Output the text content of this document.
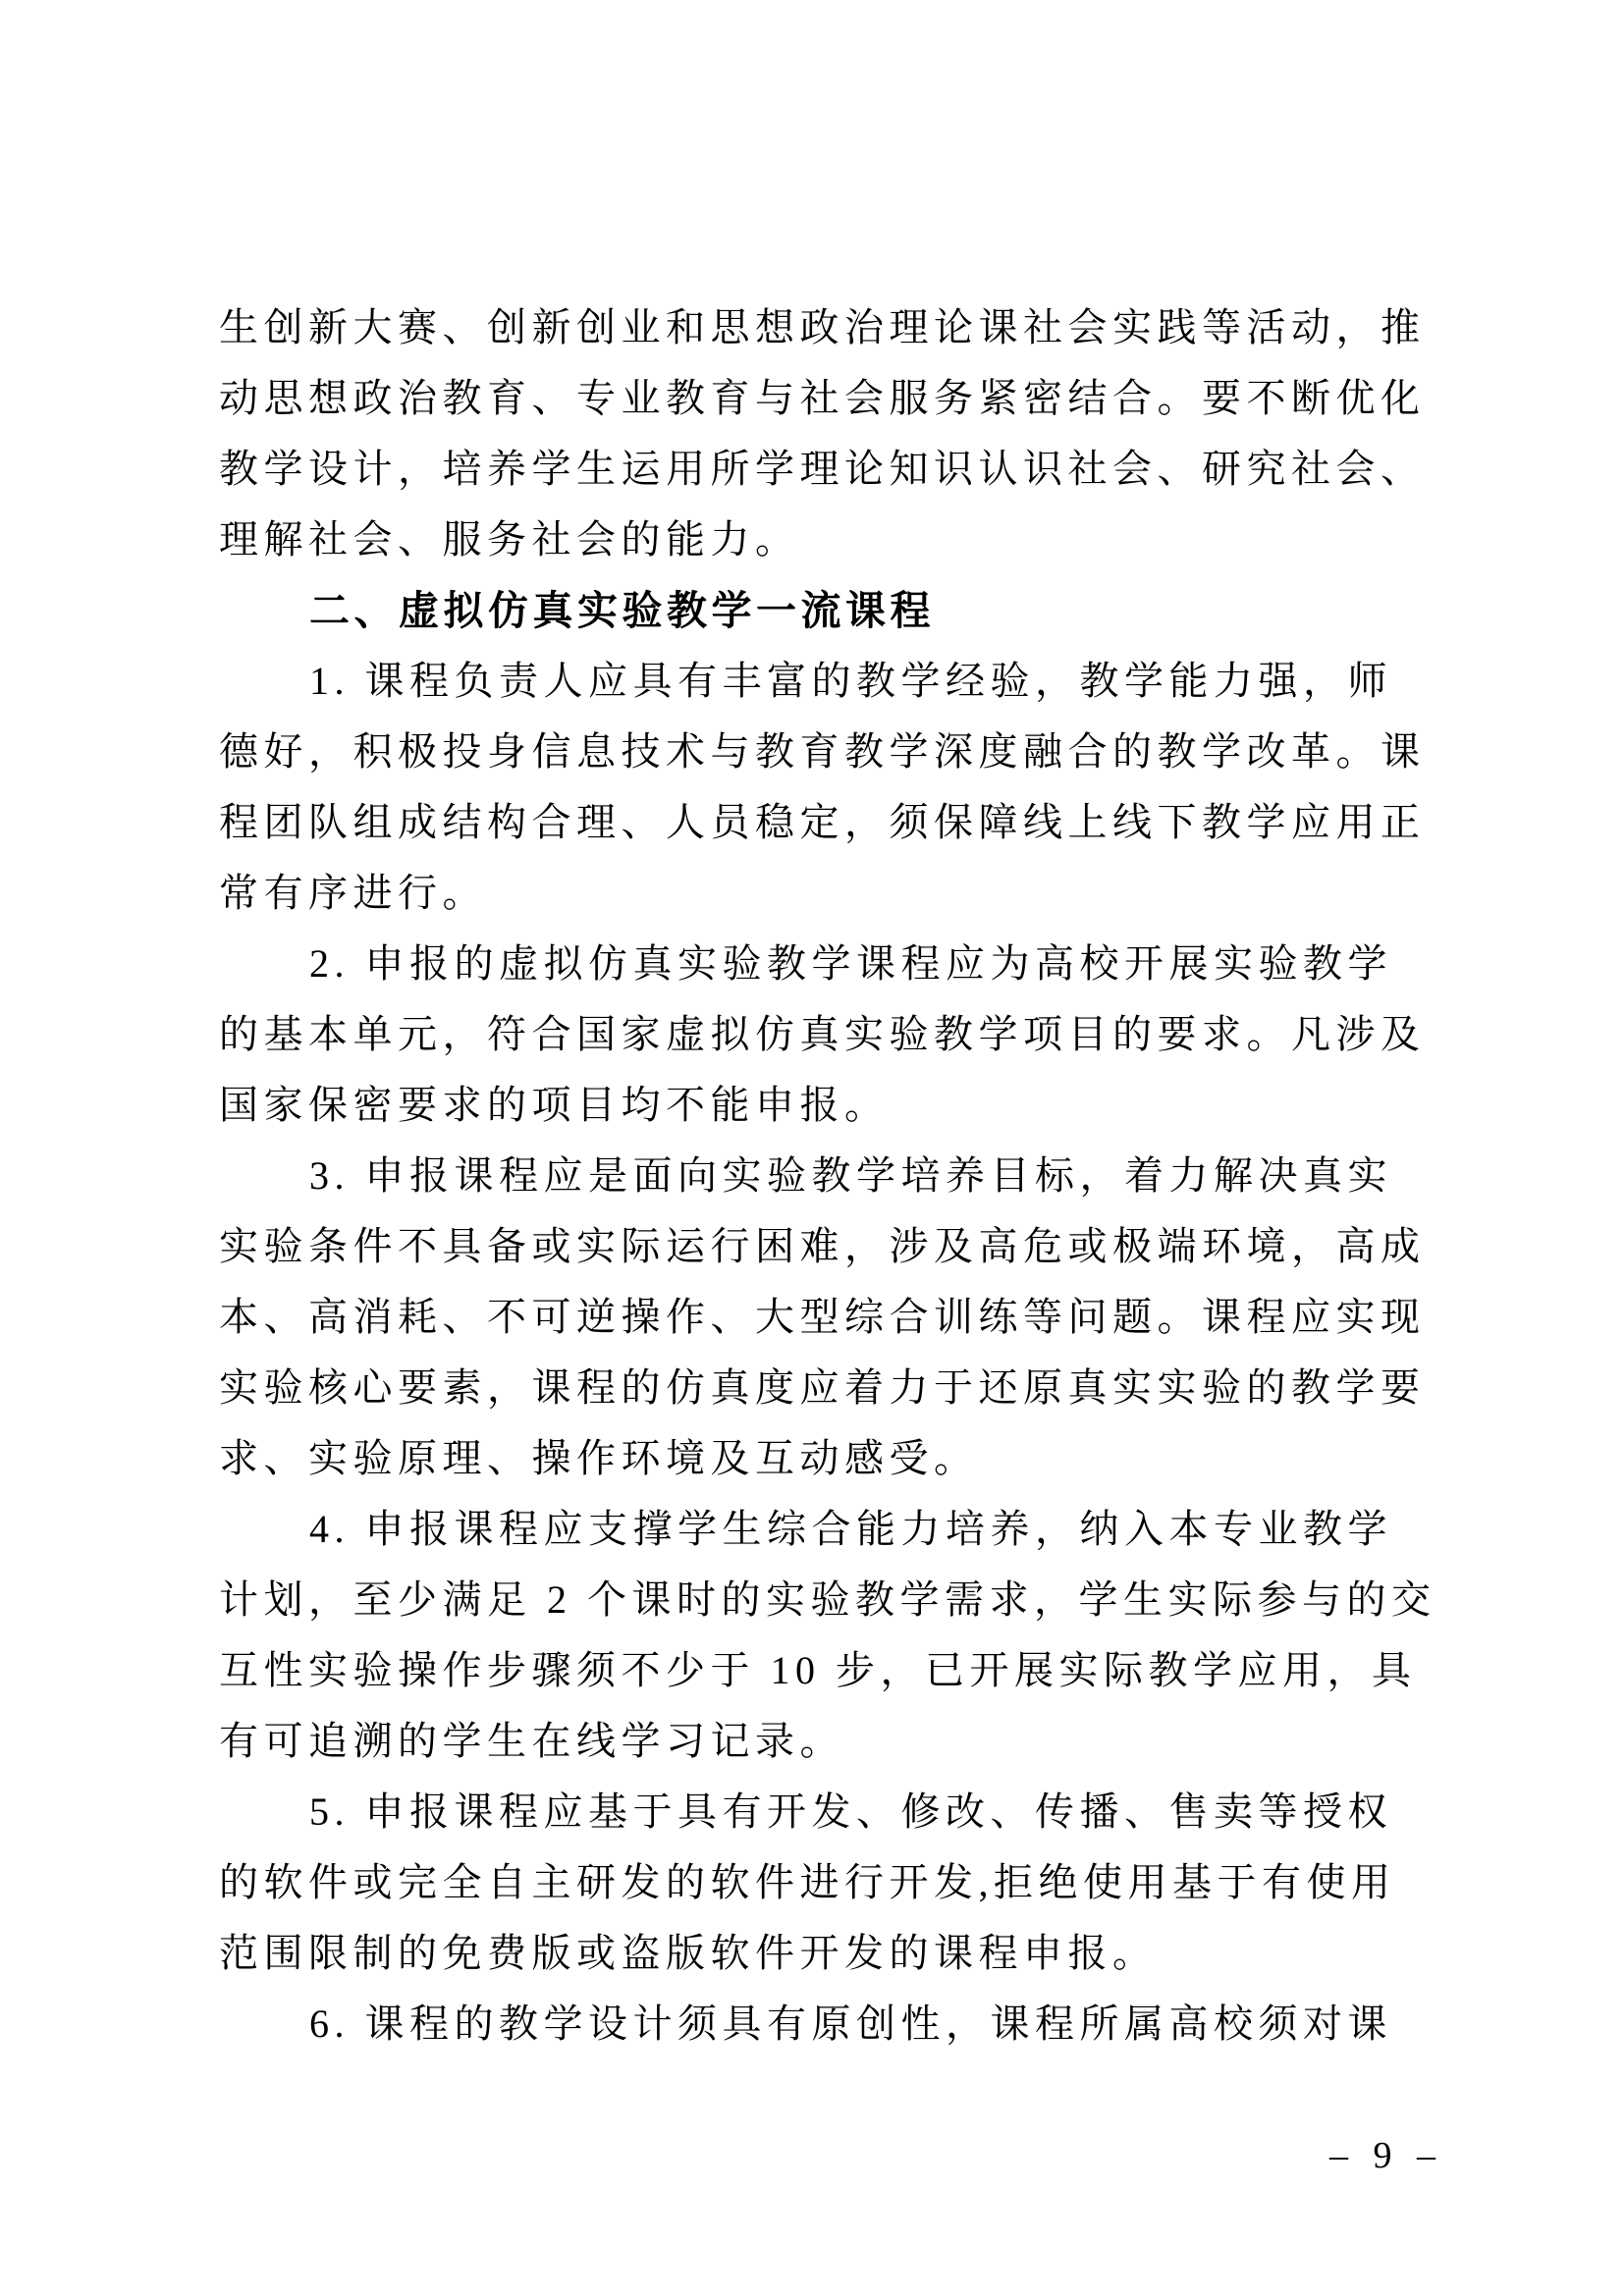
生创新大赛、创新创业和思想政治理论课社会实践等活动，推
动思想政治教育、专业教育与社会服务紧密结合。要不断优化
教学设计，培养学生运用所学理论知识认识社会、研究社会、
理解社会、服务社会的能力。
二、虚拟仿真实验教学一流课程
1. 课程负责人应具有丰富的教学经验，教学能力强，师
德好，积极投身信息技术与教育教学深度融合的教学改革。课
程团队组成结构合理、人员稳定，须保障线上线下教学应用正
常有序进行。
2. 申报的虚拟仿真实验教学课程应为高校开展实验教学
的基本单元，符合国家虚拟仿真实验教学项目的要求。凡涉及
国家保密要求的项目均不能申报。
3. 申报课程应是面向实验教学培养目标，着力解决真实
实验条件不具备或实际运行困难，涉及高危或极端环境，高成
本、高消耗、不可逆操作、大型综合训练等问题。课程应实现
实验核心要素，课程的仿真度应着力于还原真实实验的教学要
求、实验原理、操作环境及互动感受。
4. 申报课程应支撑学生综合能力培养，纳入本专业教学
计划，至少满足 2 个课时的实验教学需求，学生实际参与的交
互性实验操作步骤须不少于 10 步，已开展实际教学应用，具
有可追溯的学生在线学习记录。
5. 申报课程应基于具有开发、修改、传播、售卖等授权
的软件或完全自主研发的软件进行开发,拒绝使用基于有使用
范围限制的免费版或盗版软件开发的课程申报。
6. 课程的教学设计须具有原创性，课程所属高校须对课
– 9 –
